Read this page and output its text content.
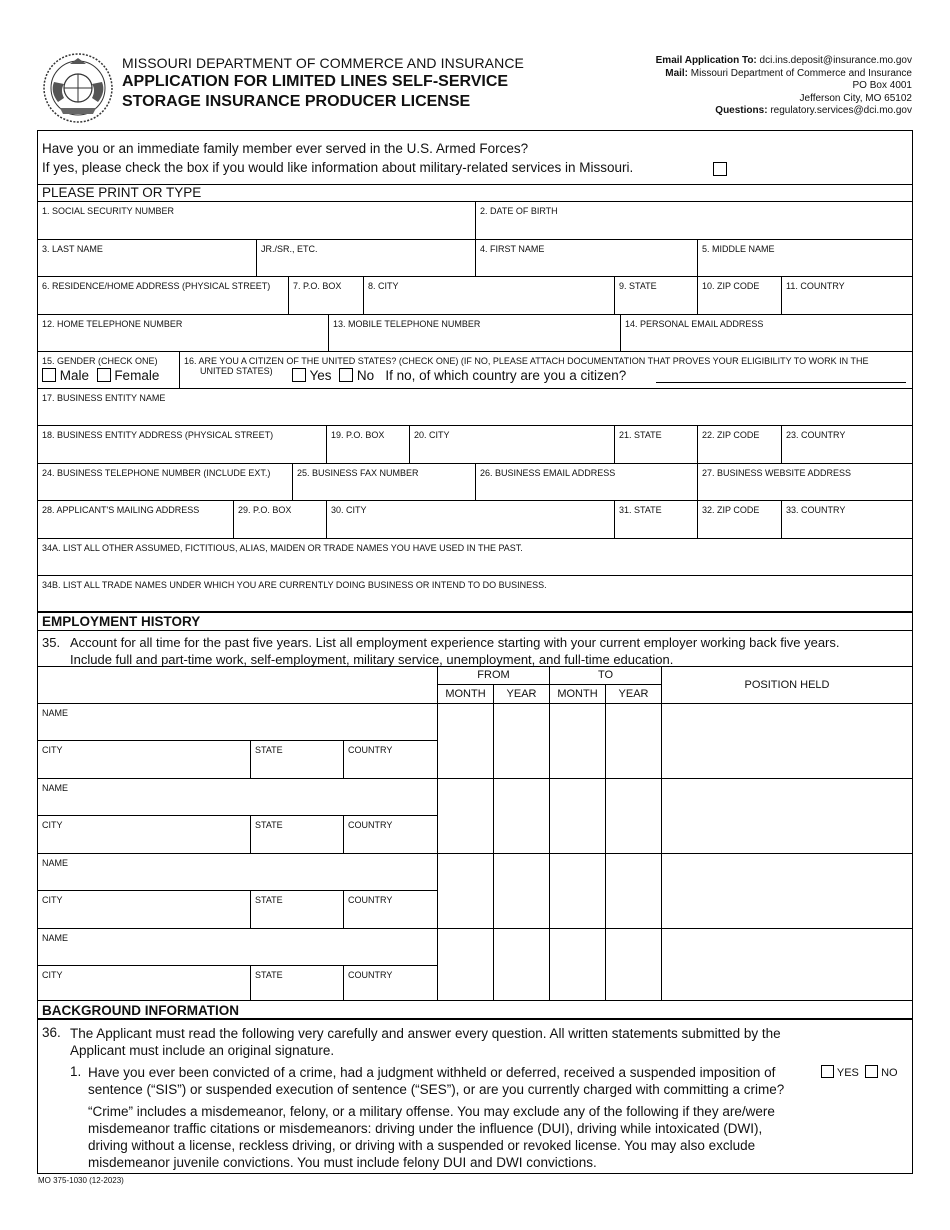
MISSOURI DEPARTMENT OF COMMERCE AND INSURANCE
APPLICATION FOR LIMITED LINES SELF-SERVICE
STORAGE INSURANCE PRODUCER LICENSE
Email Application To: dci.ins.deposit@insurance.mo.gov
Mail: Missouri Department of Commerce and Insurance
PO Box 4001
Jefferson City, MO 65102
Questions: regulatory.services@dci.mo.gov
Have you or an immediate family member ever served in the U.S. Armed Forces?
If yes, please check the box if you would like information about military-related services in Missouri.
PLEASE PRINT OR TYPE
1. SOCIAL SECURITY NUMBER	2. DATE OF BIRTH
3. LAST NAME	JR./SR., ETC.	4. FIRST NAME	5. MIDDLE NAME
6. RESIDENCE/HOME ADDRESS (PHYSICAL STREET)	7. P.O. BOX	8. CITY	9. STATE	10. ZIP CODE	11. COUNTRY
12. HOME TELEPHONE NUMBER	13. MOBILE TELEPHONE NUMBER	14. PERSONAL EMAIL ADDRESS
15. GENDER (CHECK ONE)
Male Female
16. ARE YOU A CITIZEN OF THE UNITED STATES? (CHECK ONE) (IF NO, PLEASE ATTACH DOCUMENTATION THAT PROVES YOUR ELIGIBILITY TO WORK IN THE
UNITED STATES)	Yes No If no, of which country are you a citizen?
17. BUSINESS ENTITY NAME
18. BUSINESS ENTITY ADDRESS (PHYSICAL STREET)	19. P.O. BOX	20. CITY	21. STATE	22. ZIP CODE	23. COUNTRY
24. BUSINESS TELEPHONE NUMBER (INCLUDE EXT.)	25. BUSINESS FAX NUMBER	26. BUSINESS EMAIL ADDRESS	27. BUSINESS WEBSITE ADDRESS
28. APPLICANT'S MAILING ADDRESS	29. P.O. BOX	30. CITY	31. STATE	32. ZIP CODE	33. COUNTRY
34A. LIST ALL OTHER ASSUMED, FICTITIOUS, ALIAS, MAIDEN OR TRADE NAMES YOU HAVE USED IN THE PAST.
34B. LIST ALL TRADE NAMES UNDER WHICH YOU ARE CURRENTLY DOING BUSINESS OR INTEND TO DO BUSINESS.
EMPLOYMENT HISTORY
35. Account for all time for the past five years. List all employment experience starting with your current employer working back five years.
Include full and part-time work, self-employment, military service, unemployment, and full-time education.
FROM	TO
MONTH	YEAR	MONTH	YEAR
POSITION HELD
NAME
CITY	STATE	COUNTRY
NAME
CITY	STATE	COUNTRY
NAME
CITY	STATE	COUNTRY
NAME
CITY	STATE	COUNTRY
BACKGROUND INFORMATION
36. The Applicant must read the following very carefully and answer every question. All written statements submitted by the
Applicant must include an original signature.
1. Have you ever been convicted of a crime, had a judgment withheld or deferred, received a suspended imposition of
sentence (“SIS”) or suspended execution of sentence (“SES”), or are you currently charged with committing a crime?
YES NO
“Crime” includes a misdemeanor, felony, or a military offense. You may exclude any of the following if they are/were
misdemeanor traffic citations or misdemeanors: driving under the influence (DUI), driving while intoxicated (DWI),
driving without a license, reckless driving, or driving with a suspended or revoked license. You may also exclude
misdemeanor juvenile convictions. You must include felony DUI and DWI convictions.
MO 375-1030 (12-2023)
